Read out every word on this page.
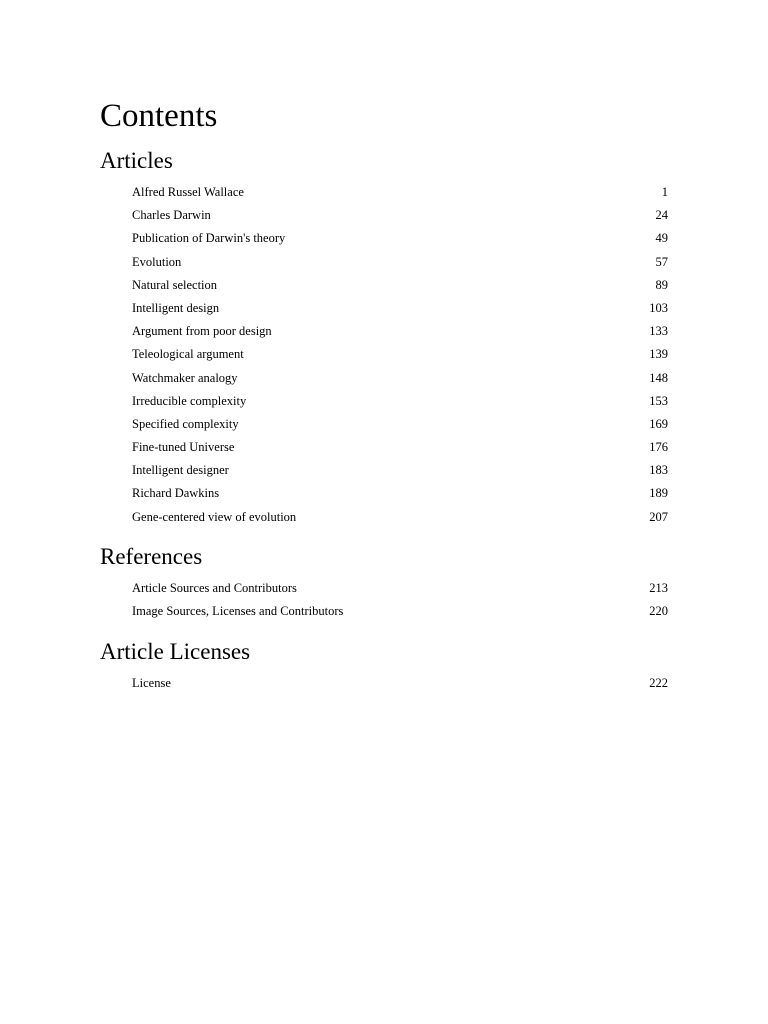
Contents
Articles
Alfred Russel Wallace	1
Charles Darwin	24
Publication of Darwin's theory	49
Evolution	57
Natural selection	89
Intelligent design	103
Argument from poor design	133
Teleological argument	139
Watchmaker analogy	148
Irreducible complexity	153
Specified complexity	169
Fine-tuned Universe	176
Intelligent designer	183
Richard Dawkins	189
Gene-centered view of evolution	207
References
Article Sources and Contributors	213
Image Sources, Licenses and Contributors	220
Article Licenses
License	222
